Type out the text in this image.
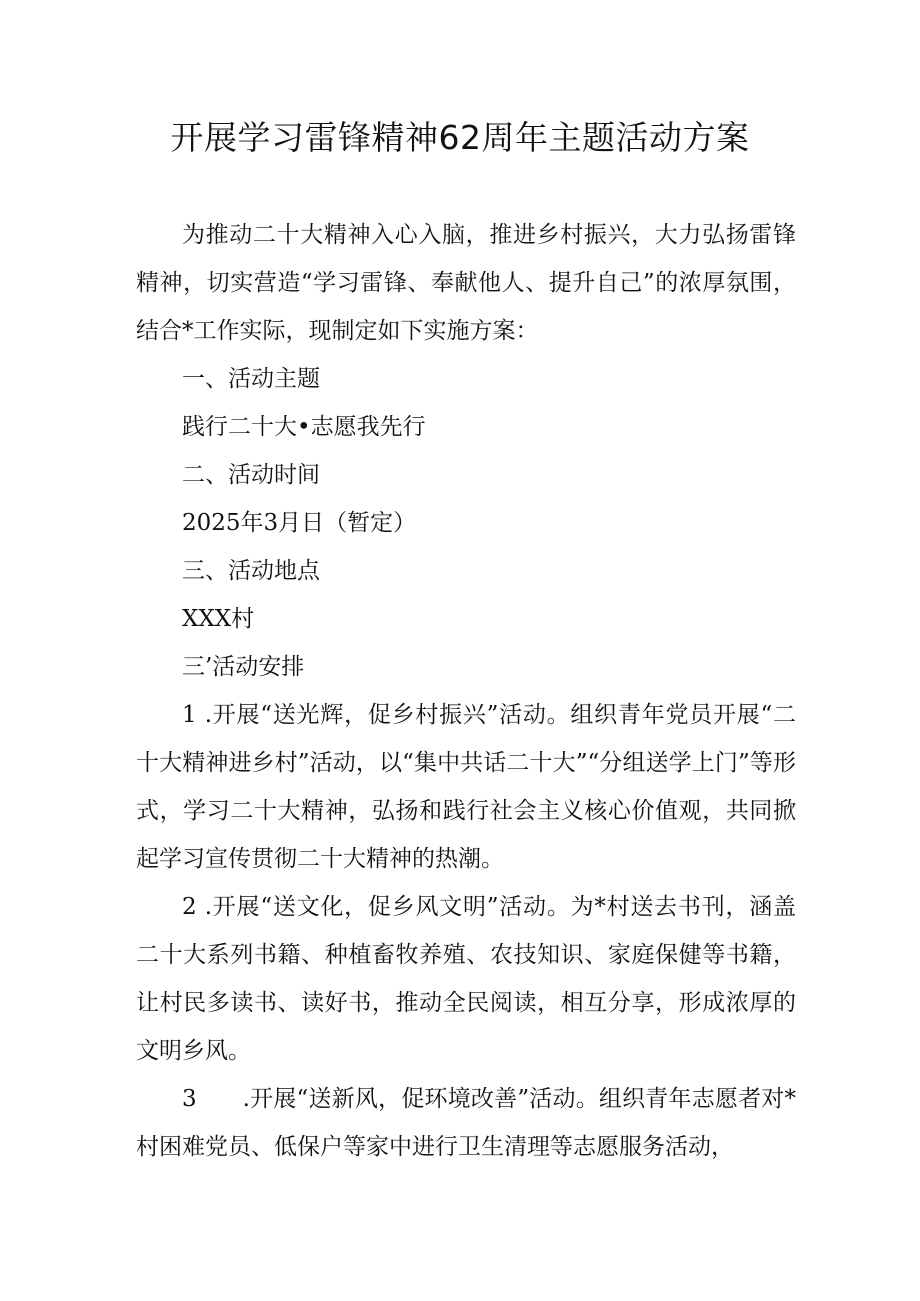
开展学习雷锋精神62周年主题活动方案

为推动二十大精神入心入脑，推进乡村振兴，大力弘扬雷锋精神，切实营造“学习雷锋、奉献他人、提升自己”的浓厚氛围，结合*工作实际，现制定如下实施方案：

一、活动主题

践行二十大•志愿我先行

二、活动时间

2025年3月日（暂定）

三、活动地点

XXX村

三’活动安排

1 .开展“送光辉，促乡村振兴”活动。组织青年党员开展“二十大精神进乡村”活动，以“集中共话二十大”“分组送学上门”等形式，学习二十大精神，弘扬和践行社会主义核心价值观，共同掀起学习宣传贯彻二十大精神的热潮。

2 .开展“送文化，促乡风文明”活动。为*村送去书刊，涵盖二十大系列书籍、种植畜牧养殖、农技知识、家庭保健等书籍，让村民多读书、读好书，推动全民阅读，相互分享，形成浓厚的文明乡风。

3 .开展“送新风，促环境改善”活动。组织青年志愿者对*村困难党员、低保户等家中进行卫生清理等志愿服务活动，
